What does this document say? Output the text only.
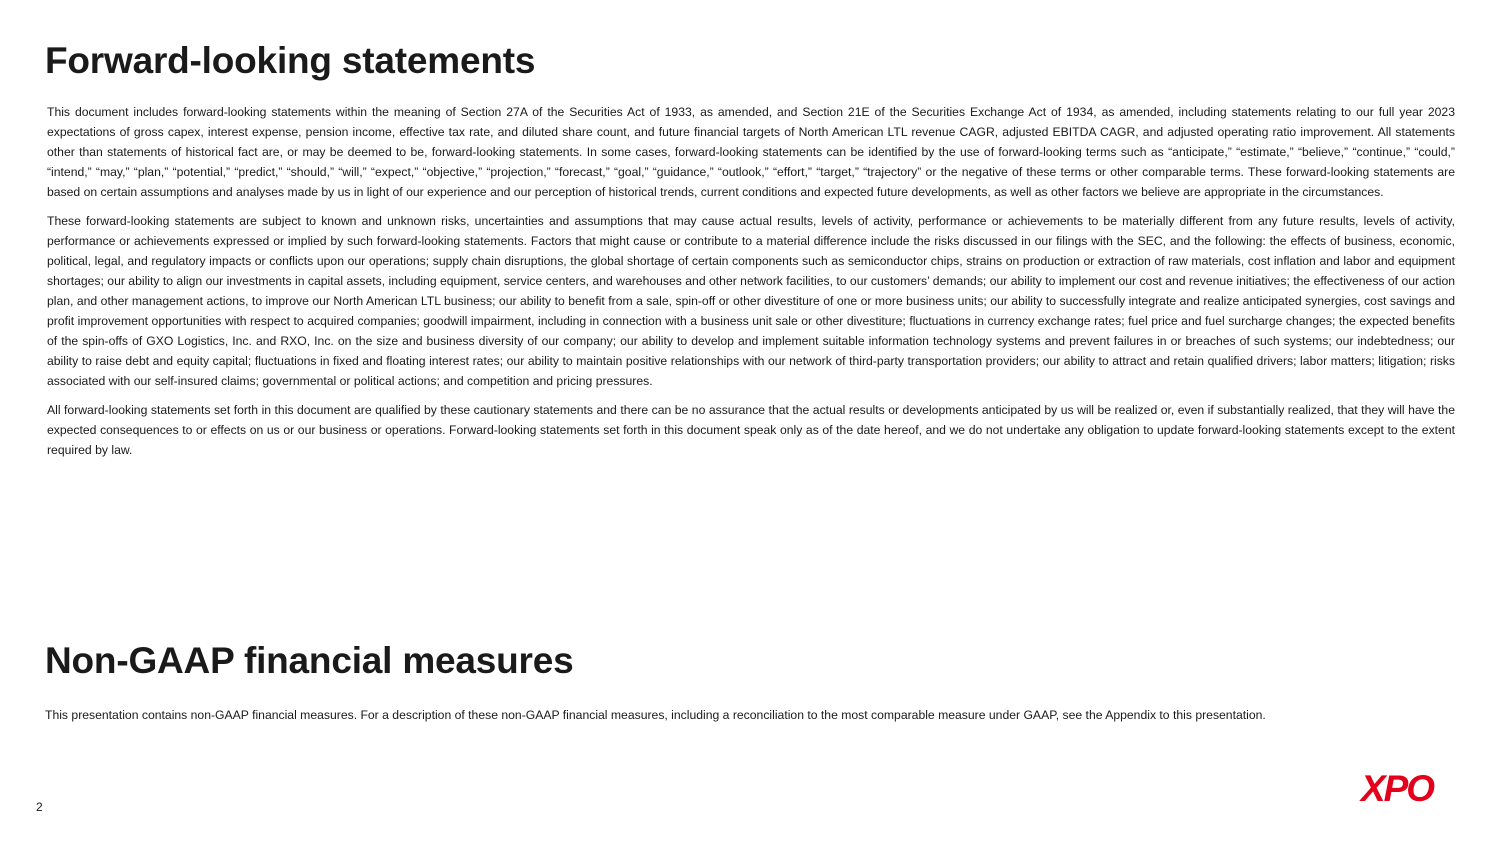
Forward-looking statements

This document includes forward-looking statements within the meaning of Section 27A of the Securities Act of 1933, as amended, and Section 21E of the Securities Exchange Act of 1934, as amended, including statements relating to our full year 2023 expectations of gross capex, interest expense, pension income, effective tax rate, and diluted share count, and future financial targets of North American LTL revenue CAGR, adjusted EBITDA CAGR, and adjusted operating ratio improvement. All statements other than statements of historical fact are, or may be deemed to be, forward-looking statements. In some cases, forward-looking statements can be identified by the use of forward-looking terms such as “anticipate,” “estimate,” “believe,” “continue,” “could,” “intend,” “may,” “plan,” “potential,” “predict,” “should,” “will,” “expect,” “objective,” “projection,” “forecast,” “goal,” “guidance,” “outlook,” “effort,” “target,” “trajectory” or the negative of these terms or other comparable terms. These forward-looking statements are based on certain assumptions and analyses made by us in light of our experience and our perception of historical trends, current conditions and expected future developments, as well as other factors we believe are appropriate in the circumstances.

These forward-looking statements are subject to known and unknown risks, uncertainties and assumptions that may cause actual results, levels of activity, performance or achievements to be materially different from any future results, levels of activity, performance or achievements expressed or implied by such forward-looking statements. Factors that might cause or contribute to a material difference include the risks discussed in our filings with the SEC, and the following: the effects of business, economic, political, legal, and regulatory impacts or conflicts upon our operations; supply chain disruptions, the global shortage of certain components such as semiconductor chips, strains on production or extraction of raw materials, cost inflation and labor and equipment shortages; our ability to align our investments in capital assets, including equipment, service centers, and warehouses and other network facilities, to our customers’ demands; our ability to implement our cost and revenue initiatives; the effectiveness of our action plan, and other management actions, to improve our North American LTL business; our ability to benefit from a sale, spin-off or other divestiture of one or more business units; our ability to successfully integrate and realize anticipated synergies, cost savings and profit improvement opportunities with respect to acquired companies; goodwill impairment, including in connection with a business unit sale or other divestiture; fluctuations in currency exchange rates; fuel price and fuel surcharge changes; the expected benefits of the spin-offs of GXO Logistics, Inc. and RXO, Inc. on the size and business diversity of our company; our ability to develop and implement suitable information technology systems and prevent failures in or breaches of such systems; our indebtedness; our ability to raise debt and equity capital; fluctuations in fixed and floating interest rates; our ability to maintain positive relationships with our network of third-party transportation providers; our ability to attract and retain qualified drivers; labor matters; litigation; risks associated with our self-insured claims; governmental or political actions; and competition and pricing pressures.

All forward-looking statements set forth in this document are qualified by these cautionary statements and there can be no assurance that the actual results or developments anticipated by us will be realized or, even if substantially realized, that they will have the expected consequences to or effects on us or our business or operations. Forward-looking statements set forth in this document speak only as of the date hereof, and we do not undertake any obligation to update forward-looking statements except to the extent required by law.

Non-GAAP financial measures

This presentation contains non-GAAP financial measures. For a description of these non-GAAP financial measures, including a reconciliation to the most comparable measure under GAAP, see the Appendix to this presentation.

2	XPO
